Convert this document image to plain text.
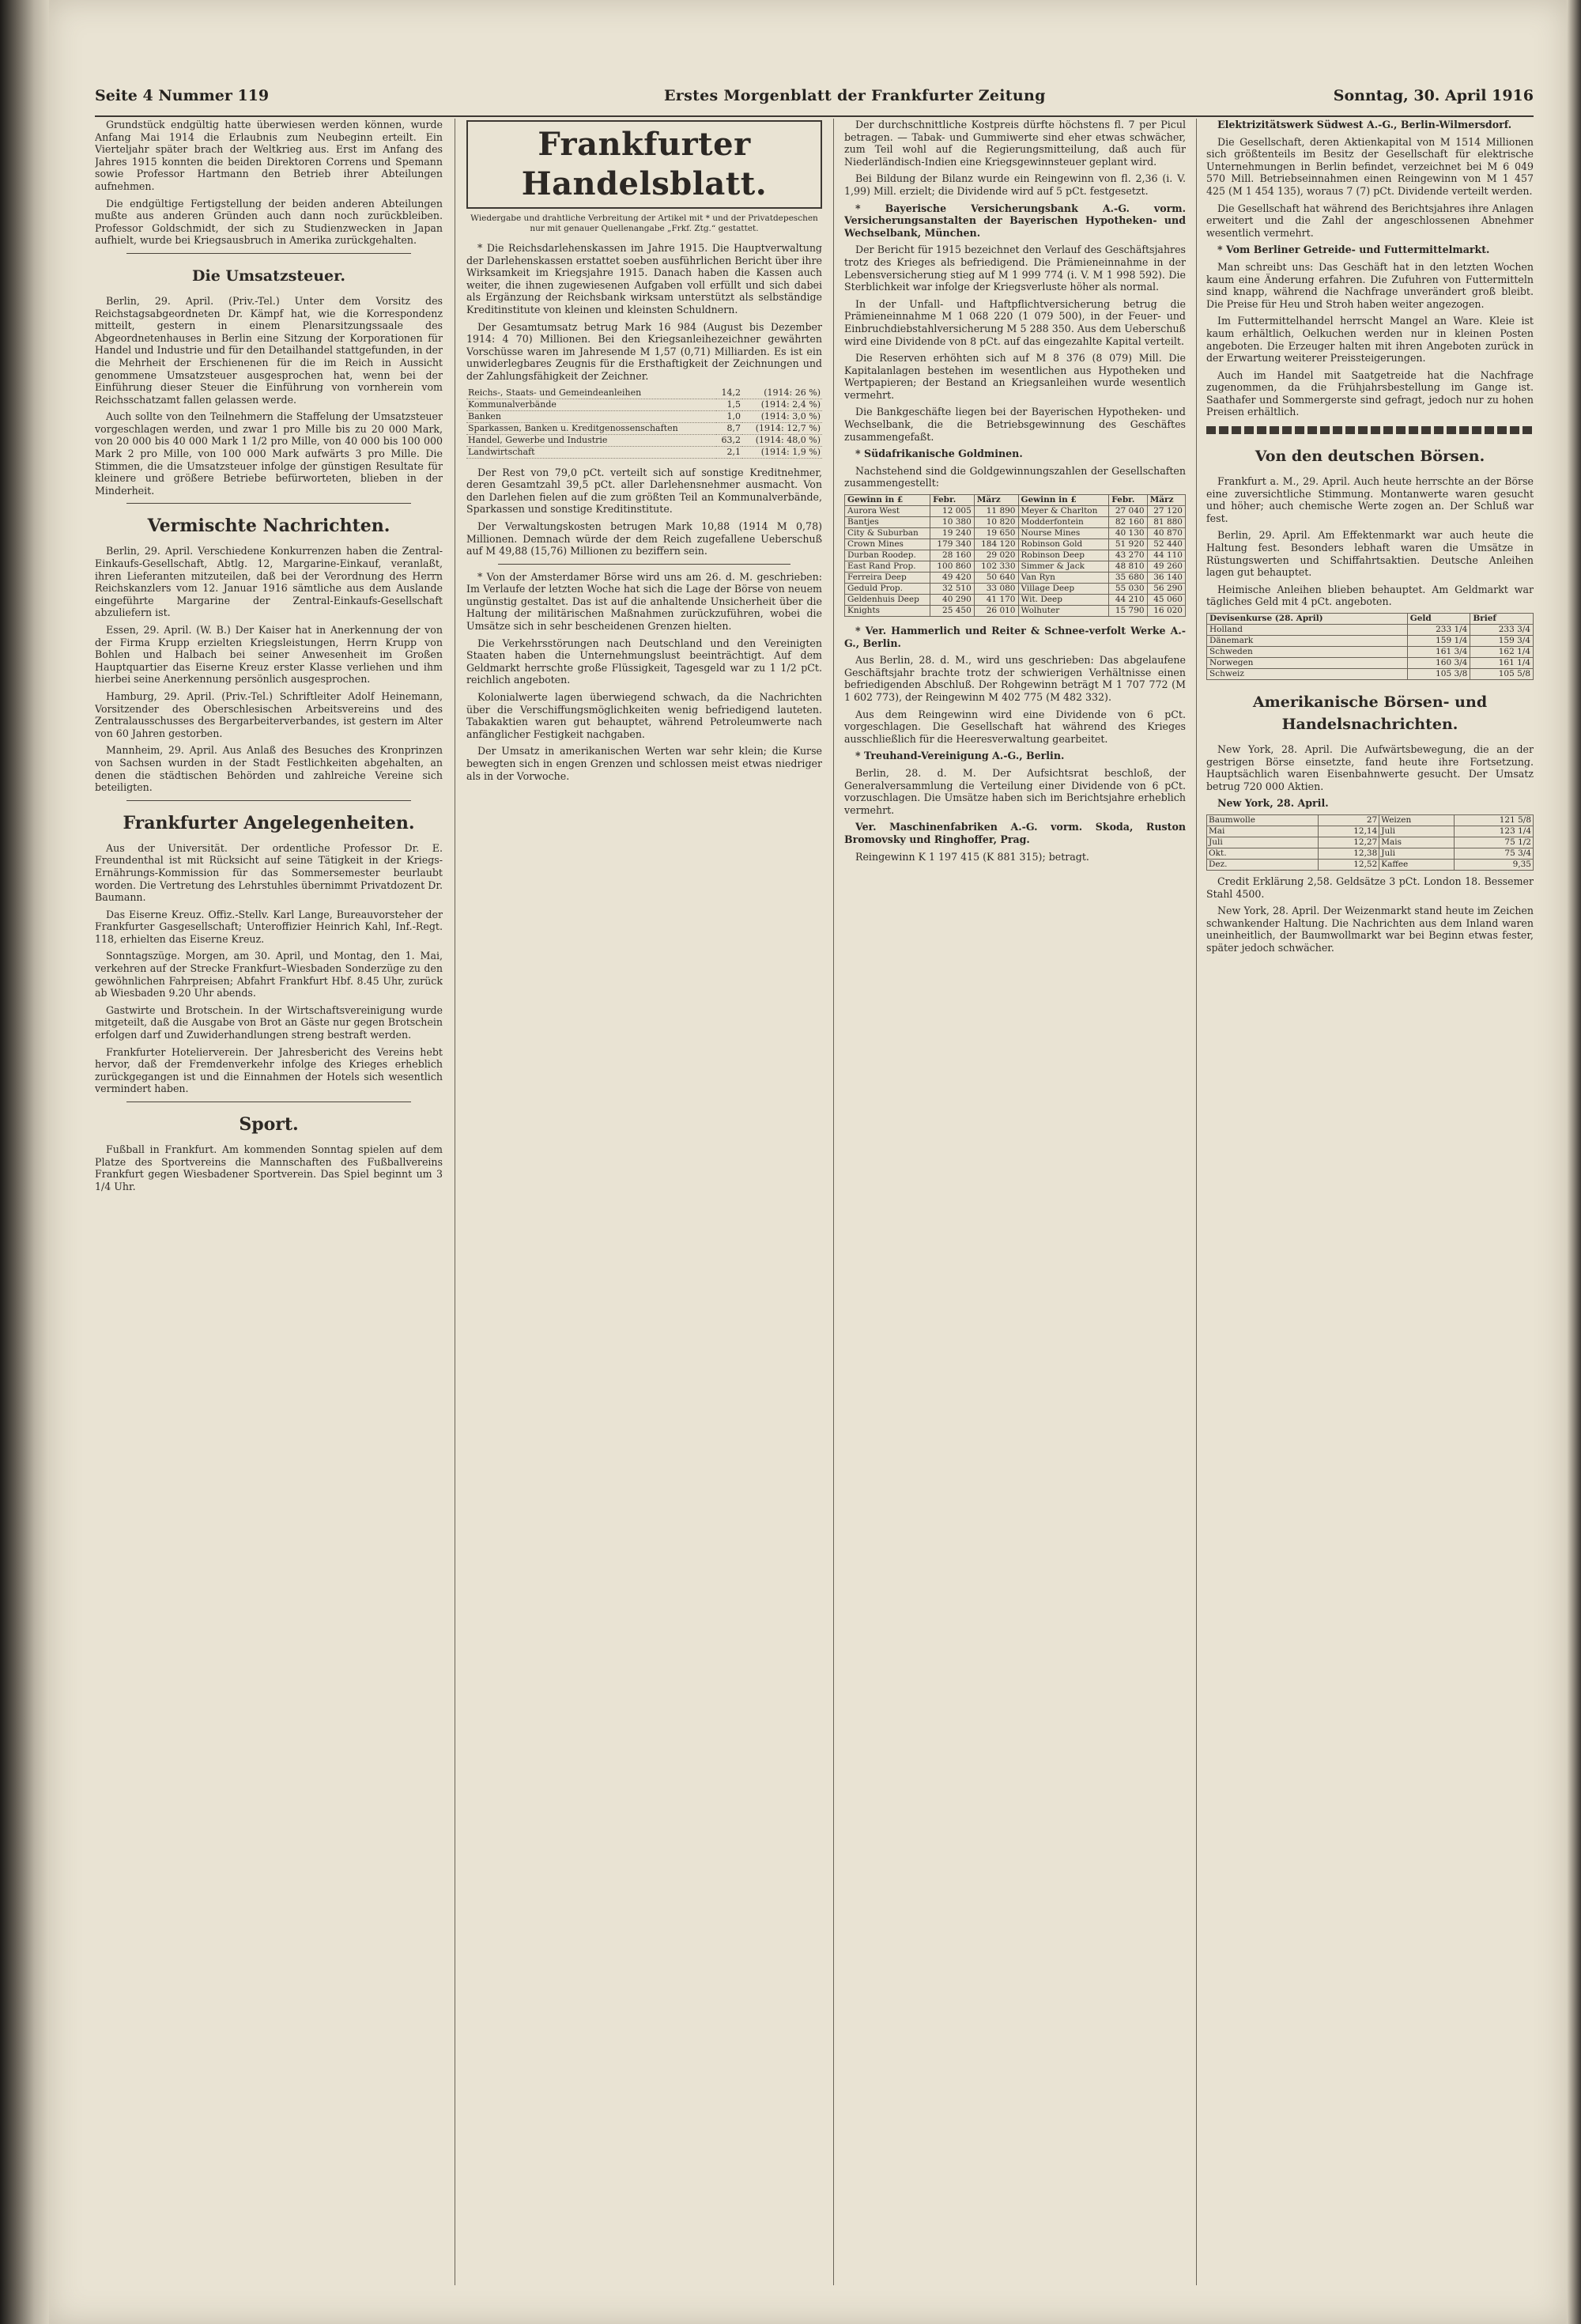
Seite 4 Nummer 119	Erstes Morgenblatt der Frankfurter Zeitung	Sonntag, 30. April 1916

Grundstück endgültig hatte überwiesen werden können, wurde Anfang Mai 1914 die Erlaubnis zum Neubeginn erteilt. Ein Vierteljahr später brach der Weltkrieg aus. Erst im Anfang des Jahres 1915 konnten die beiden Direktoren Correns und Spemann sowie Professor Hartmann den Betrieb ihrer Abteilungen aufnehmen.

Die endgültige Fertigstellung der beiden anderen Abteilungen mußte aus anderen Gründen auch dann noch zurückbleiben. Professor Goldschmidt, der sich zu Studienzwecken in Japan aufhielt, wurde bei Kriegsausbruch in Amerika zurückgehalten.

Die Umsatzsteuer.

Berlin, 29. April. (Priv.-Tel.) Unter dem Vorsitz des Reichstagsabgeordneten Dr. Kämpf hat, wie die Korrespondenz mitteilt, gestern in einem Plenarsitzungssaale des Abgeordnetenhauses in Berlin eine Sitzung der Korporationen für Handel und Industrie und für den Detailhandel stattgefunden, in der die Mehrheit der Erschienenen für die im Reich in Aussicht genommene Umsatzsteuer ausgesprochen hat, wenn bei der Einführung dieser Steuer die Einführung von vornherein vom Reichsschatzamt fallen gelassen werde.

Auch sollte von den Teilnehmern die Staffelung der Umsatzsteuer vorgeschlagen werden, und zwar 1 pro Mille bis zu 20 000 Mark, von 20 000 bis 40 000 Mark 1 1/2 pro Mille, von 40 000 bis 100 000 Mark 2 pro Mille, von 100 000 Mark aufwärts 3 pro Mille. Die Stimmen, die die Umsatzsteuer infolge der günstigen Resultate für kleinere und größere Betriebe befürworteten, blieben in der Minderheit.

Vermischte Nachrichten.

Berlin, 29. April. Verschiedene Konkurrenzen haben die Zentral-Einkaufs-Gesellschaft, Abtlg. 12, Margarine-Einkauf, veranlaßt, ihren Lieferanten mitzuteilen, daß bei der Verordnung des Herrn Reichskanzlers vom 12. Januar 1916 sämtliche aus dem Auslande eingeführte Margarine der Zentral-Einkaufs-Gesellschaft abzuliefern ist.

Essen, 29. April. (W. B.) Der Kaiser hat in Anerkennung der von der Firma Krupp erzielten Kriegsleistungen, Herrn Krupp von Bohlen und Halbach bei seiner Anwesenheit im Großen Hauptquartier das Eiserne Kreuz erster Klasse verliehen und ihm hierbei seine Anerkennung persönlich ausgesprochen.

Hamburg, 29. April. (Priv.-Tel.) Schriftleiter Adolf Heinemann, Vorsitzender des Oberschlesischen Arbeitsvereins und des Zentralausschusses des Bergarbeiterverbandes, ist gestern im Alter von 60 Jahren gestorben.

Mannheim, 29. April. Aus Anlaß des Besuches des Kronprinzen von Sachsen wurden in der Stadt Festlichkeiten abgehalten, an denen die städtischen Behörden und zahlreiche Vereine sich beteiligten.

Frankfurter Angelegenheiten.

Aus der Universität. Der ordentliche Professor Dr. E. Freundenthal ist mit Rücksicht auf seine Tätigkeit in der Kriegs-Ernährungs-Kommission für das Sommersemester beurlaubt worden. Die Vertretung des Lehrstuhles übernimmt Privatdozent Dr. Baumann.

Das Eiserne Kreuz. Offiz.-Stellv. Karl Lange, Bureauvorsteher der Frankfurter Gasgesellschaft; Unteroffizier Heinrich Kahl, Inf.-Regt. 118, erhielten das Eiserne Kreuz.

Sonntagszüge. Morgen, am 30. April, und Montag, den 1. Mai, verkehren auf der Strecke Frankfurt–Wiesbaden Sonderzüge zu den gewöhnlichen Fahrpreisen; Abfahrt Frankfurt Hbf. 8.45 Uhr, zurück ab Wiesbaden 9.20 Uhr abends.

Gastwirte und Brotschein. In der Wirtschaftsvereinigung wurde mitgeteilt, daß die Ausgabe von Brot an Gäste nur gegen Brotschein erfolgen darf und Zuwiderhandlungen streng bestraft werden.

Frankfurter Hotelierverein. Der Jahresbericht des Vereins hebt hervor, daß der Fremdenverkehr infolge des Krieges erheblich zurückgegangen ist und die Einnahmen der Hotels sich wesentlich vermindert haben.

Sport.

Fußball in Frankfurt. Am kommenden Sonntag spielen auf dem Platze des Sportvereins die Mannschaften des Fußballvereins Frankfurt gegen Wiesbadener Sportverein. Das Spiel beginnt um 3 1/4 Uhr.

Frankfurter Handelsblatt.
Wiedergabe und drahtliche Verbreitung der Artikel mit * und der Privatdepeschen nur mit genauer Quellenangabe „Frkf. Ztg.“ gestattet.

* Die Reichsdarlehenskassen im Jahre 1915. Die Hauptverwaltung der Darlehenskassen erstattet soeben ausführlichen Bericht über ihre Wirksamkeit im Kriegsjahre 1915. Danach haben die Kassen auch weiter, die ihnen zugewiesenen Aufgaben voll erfüllt und sich dabei als Ergänzung der Reichsbank wirksam unterstützt als selbständige Kreditinstitute von kleinen und kleinsten Schuldnern.

Der Gesamtumsatz betrug Mark 16 984 (August bis Dezember 1914: 4 70) Millionen. Bei den Kriegsanleihezeichner gewährten Vorschüsse waren im Jahresende M 1,57 (0,71) Milliarden. Es ist ein unwiderlegbares Zeugnis für die Ersthaftigkeit der Zeichnungen und der Zahlungsfähigkeit der Zeichner.

Reichs-, Staats- und Gemeindeanleihen	14,2	(1914: 26 %)
Kommunalverbände	1,5	(1914: 2,4 %)
Banken	1,0	(1914: 3,0 %)
Sparkassen, Banken u. Kreditgenossenschaften	8,7	(1914: 12,7 %)
Handel, Gewerbe und Industrie	63,2	(1914: 48,0 %)
Landwirtschaft	2,1	(1914: 1,9 %)

Der Rest von 79,0 pCt. verteilt sich auf sonstige Kreditnehmer, deren Gesamtzahl 39,5 pCt. aller Darlehensnehmer ausmacht. Von den Darlehen fielen auf die zum größten Teil an Kommunalverbände, Sparkassen und sonstige Kreditinstitute.

Der Verwaltungskosten betrugen Mark 10,88 (1914 M 0,78) Millionen. Demnach würde der dem Reich zugefallene Ueberschuß auf M 49,88 (15,76) Millionen zu beziffern sein.

* Von der Amsterdamer Börse wird uns am 26. d. M. geschrieben: Im Verlaufe der letzten Woche hat sich die Lage der Börse von neuem ungünstig gestaltet. Das ist auf die anhaltende Unsicherheit über die Haltung der militärischen Maßnahmen zurückzuführen, wobei die Umsätze sich in sehr bescheidenen Grenzen hielten.

Die Verkehrsstörungen nach Deutschland und den Vereinigten Staaten haben die Unternehmungslust beeinträchtigt. Auf dem Geldmarkt herrschte große Flüssigkeit, Tagesgeld war zu 1 1/2 pCt. reichlich angeboten.

Kolonialwerte lagen überwiegend schwach, da die Nachrichten über die Verschiffungsmöglichkeiten wenig befriedigend lauteten. Tabakaktien waren gut behauptet, während Petroleumwerte nach anfänglicher Festigkeit nachgaben.

Der Umsatz in amerikanischen Werten war sehr klein; die Kurse bewegten sich in engen Grenzen und schlossen meist etwas niedriger als in der Vorwoche.

Der durchschnittliche Kostpreis dürfte höchstens fl. 7 per Picul betragen. — Tabak- und Gummiwerte sind eher etwas schwächer, zum Teil wohl auf die Regierungsmitteilung, daß auch für Niederländisch-Indien eine Kriegsgewinnsteuer geplant wird.

Bei Bildung der Bilanz wurde ein Reingewinn von fl. 2,36 (i. V. 1,99) Mill. erzielt; die Dividende wird auf 5 pCt. festgesetzt.

* Bayerische Versicherungsbank A.-G. vorm. Versicherungsanstalten der Bayerischen Hypotheken- und Wechselbank, München.

Der Bericht für 1915 bezeichnet den Verlauf des Geschäftsjahres trotz des Krieges als befriedigend. Die Prämieneinnahme in der Lebensversicherung stieg auf M 1 999 774 (i. V. M 1 998 592). Die Sterblichkeit war infolge der Kriegsverluste höher als normal.

In der Unfall- und Haftpflichtversicherung betrug die Prämieneinnahme M 1 068 220 (1 079 500), in der Feuer- und Einbruchdiebstahlversicherung M 5 288 350. Aus dem Ueberschuß wird eine Dividende von 8 pCt. auf das eingezahlte Kapital verteilt.

Die Reserven erhöhten sich auf M 8 376 (8 079) Mill. Die Kapitalanlagen bestehen im wesentlichen aus Hypotheken und Wertpapieren; der Bestand an Kriegsanleihen wurde wesentlich vermehrt.

Die Bankgeschäfte liegen bei der Bayerischen Hypotheken- und Wechselbank, die die Betriebsgewinnung des Geschäftes zusammengefaßt.

* Südafrikanische Goldminen.

Nachstehend sind die Goldgewinnungszahlen der Gesellschaften zusammengestellt:

Gewinn in £	Febr.	März	Gewinn in £	Febr.	März
Aurora West	12 005	11 890	Meyer & Charlton	27 040	27 120
Bantjes	10 380	10 820	Modderfontein	82 160	81 880
City & Suburban	19 240	19 650	Nourse Mines	40 130	40 870
Crown Mines	179 340	184 120	Robinson Gold	51 920	52 440
Durban Roodep.	28 160	29 020	Robinson Deep	43 270	44 110
East Rand Prop.	100 860	102 330	Simmer & Jack	48 810	49 260
Ferreira Deep	49 420	50 640	Van Ryn	35 680	36 140
Geduld Prop.	32 510	33 080	Village Deep	55 030	56 290
Geldenhuis Deep	40 290	41 170	Wit. Deep	44 210	45 060
Knights	25 450	26 010	Wolhuter	15 790	16 020

* Ver. Hammerlich und Reiter & Schnee-verfolt Werke A.-G., Berlin.

Aus Berlin, 28. d. M., wird uns geschrieben: Das abgelaufene Geschäftsjahr brachte trotz der schwierigen Verhältnisse einen befriedigenden Abschluß. Der Rohgewinn beträgt M 1 707 772 (M 1 602 773), der Reingewinn M 402 775 (M 482 332).

Aus dem Reingewinn wird eine Dividende von 6 pCt. vorgeschlagen. Die Gesellschaft hat während des Krieges ausschließlich für die Heeresverwaltung gearbeitet.

* Treuhand-Vereinigung A.-G., Berlin.

Berlin, 28. d. M. Der Aufsichtsrat beschloß, der Generalversammlung die Verteilung einer Dividende von 6 pCt. vorzuschlagen. Die Umsätze haben sich im Berichtsjahre erheblich vermehrt.

Ver. Maschinenfabriken A.-G. vorm. Skoda, Ruston Bromovsky und Ringhoffer, Prag.

Reingewinn K 1 197 415 (K 881 315); betragt.

Elektrizitätswerk Südwest A.-G., Berlin-Wilmersdorf.

Die Gesellschaft, deren Aktienkapital von M 1514 Millionen sich größtenteils im Besitz der Gesellschaft für elektrische Unternehmungen in Berlin befindet, verzeichnet bei M 6 049 570 Mill. Betriebseinnahmen einen Reingewinn von M 1 457 425 (M 1 454 135), woraus 7 (7) pCt. Dividende verteilt werden.

Die Gesellschaft hat während des Berichtsjahres ihre Anlagen erweitert und die Zahl der angeschlossenen Abnehmer wesentlich vermehrt.

* Vom Berliner Getreide- und Futtermittelmarkt.

Man schreibt uns: Das Geschäft hat in den letzten Wochen kaum eine Änderung erfahren. Die Zufuhren von Futtermitteln sind knapp, während die Nachfrage unverändert groß bleibt. Die Preise für Heu und Stroh haben weiter angezogen.

Im Futtermittelhandel herrscht Mangel an Ware. Kleie ist kaum erhältlich, Oelkuchen werden nur in kleinen Posten angeboten. Die Erzeuger halten mit ihren Angeboten zurück in der Erwartung weiterer Preissteigerungen.

Auch im Handel mit Saatgetreide hat die Nachfrage zugenommen, da die Frühjahrsbestellung im Gange ist. Saathafer und Sommergerste sind gefragt, jedoch nur zu hohen Preisen erhältlich.

Von den deutschen Börsen.

Frankfurt a. M., 29. April. Auch heute herrschte an der Börse eine zuversichtliche Stimmung. Montanwerte waren gesucht und höher; auch chemische Werte zogen an. Der Schluß war fest.

Berlin, 29. April. Am Effektenmarkt war auch heute die Haltung fest. Besonders lebhaft waren die Umsätze in Rüstungswerten und Schiffahrtsaktien. Deutsche Anleihen lagen gut behauptet.

Heimische Anleihen blieben behauptet. Am Geldmarkt war tägliches Geld mit 4 pCt. angeboten.

Devisenkurse (28. April)	Geld	Brief
Holland	233 1/4	233 3/4
Dänemark	159 1/4	159 3/4
Schweden	161 3/4	162 1/4
Norwegen	160 3/4	161 1/4
Schweiz	105 3/8	105 5/8
Amerikanische Börsen- und Handelsnachrichten.

New York, 28. April. Die Aufwärtsbewegung, die an der gestrigen Börse einsetzte, fand heute ihre Fortsetzung. Hauptsächlich waren Eisenbahnwerte gesucht. Der Umsatz betrug 720 000 Aktien.

New York, 28. April.

Baumwolle	27	Weizen	121 5/8
Mai	12,14	Juli	123 1/4
Juli	12,27	Mais	75 1/2
Okt.	12,38	Juli	75 3/4
Dez.	12,52	Kaffee	9,35

Credit Erklärung 2,58. Geldsätze 3 pCt. London 18. Bessemer Stahl 4500.

New York, 28. April. Der Weizenmarkt stand heute im Zeichen schwankender Haltung. Die Nachrichten aus dem Inland waren uneinheitlich, der Baumwollmarkt war bei Beginn etwas fester, später jedoch schwächer.
